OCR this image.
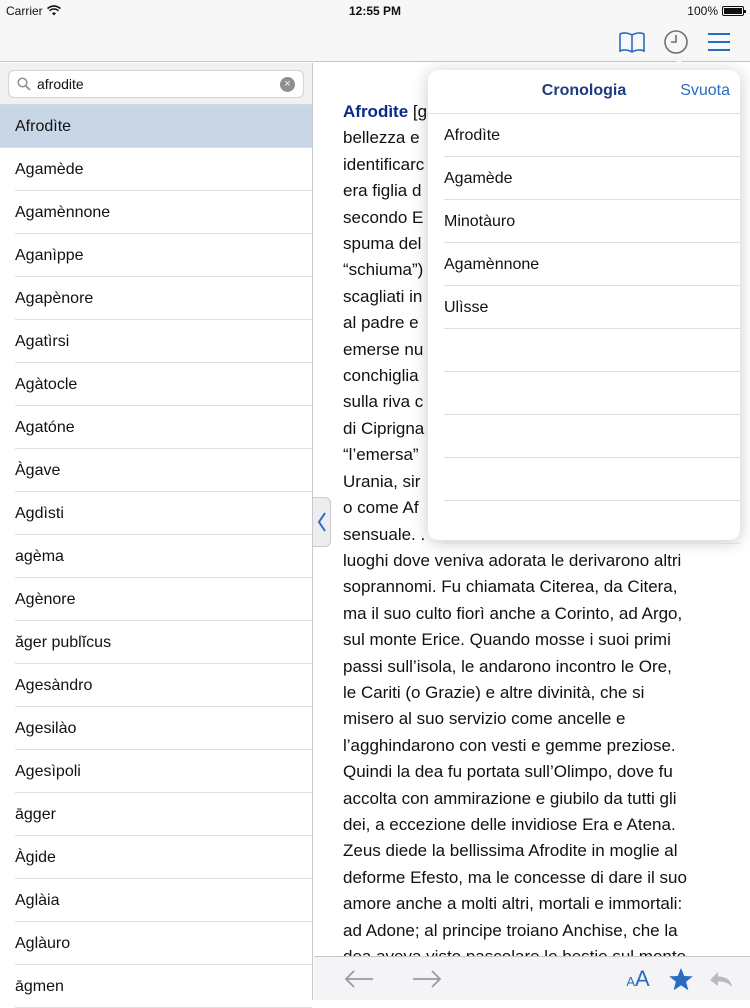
Carrier	12:55 PM	100%
afrodite
×
Afrodìte
Agamède
Agamènnone
Aganìppe
Agapènore
Agatìrsi
Agàtocle
Agatóne
Àgave
Agdìsti
agèma
Agènore
ăger publĭcus
Agesàndro
Agesilào
Agesìpoli
āgger
Àgide
Aglàia
Aglàuro
āgmen
Afrodìte [g
bellezza e
identificarc
era figlia d
secondo E
spuma del
“schiuma”)
scagliati in
al padre e
emerse nu
conchiglia
sulla riva c
di Ciprigna
“l’emersa”
Urania, sir
o come Af
sensuale. .
luoghi dove veniva adorata le derivarono altri
soprannomi. Fu chiamata Citerea, da Citera,
ma il suo culto fiorì anche a Corinto, ad Argo,
sul monte Erice. Quando mosse i suoi primi
passi sull’isola, le andarono incontro le Ore,
le Cariti (o Grazie) e altre divinità, che si
misero al suo servizio come ancelle e
l’agghindarono con vesti e gemme preziose.
Quindi la dea fu portata sull’Olimpo, dove fu
accolta con ammirazione e giubilo da tutti gli
dei, a eccezione delle invidiose Era e Atena.
Zeus diede la bellissima Afrodite in moglie al
deforme Efesto, ma le concesse di dare il suo
amore anche a molti altri, mortali e immortali:
ad Adone; al principe troiano Anchise, che la
AA
Cronologia	Svuota
Afrodìte
Agamède
Minotàuro
Agamènnone
Ulìsse
